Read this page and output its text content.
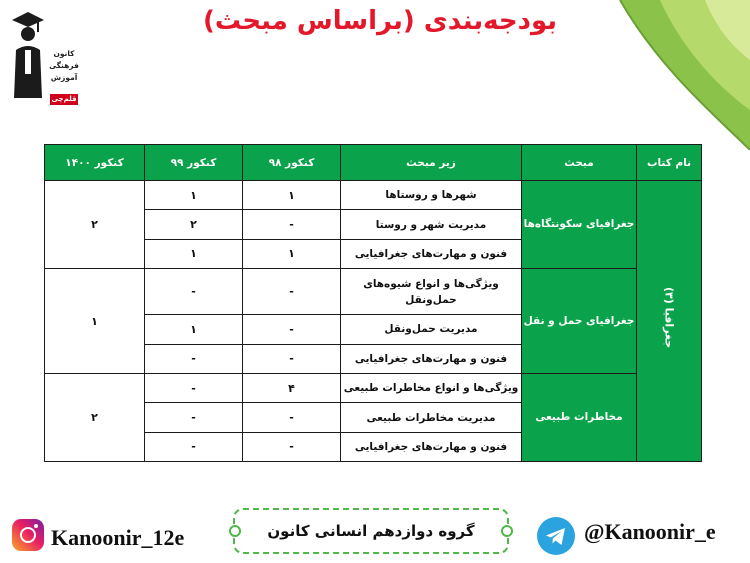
کانون
فرهنگی
آموزش
قلم‌چی
بودجه‌بندی (براساس مبحث)
نام کتاب	مبحث	زیر مبحث	کنکور ۹۸	کنکور ۹۹	کنکور ۱۴۰۰
جغرافیا (۳)	جغرافیای سکونتگاه‌ها	شهرها و روستاها	۱	۱	۲
		مدیریت شهر و روستا	-	۲	
		فنون و مهارت‌های جغرافیایی	۱	۱	
	جغرافیای حمل و نقل	ویژگی‌ها و انواع شیوه‌های حمل‌ونقل	-	-	۱
		مدیریت حمل‌ونقل	-	۱	
		فنون و مهارت‌های جغرافیایی	-	-	
	مخاطرات طبیعی	ویژگی‌ها و انواع مخاطرات طبیعی	۴	-	۲
		مدیریت مخاطرات طبیعی	-	-	
		فنون و مهارت‌های جغرافیایی	-	-	
Kanoonir_12e	گروه دوازدهم انسانی کانون	@Kanoonir_e
